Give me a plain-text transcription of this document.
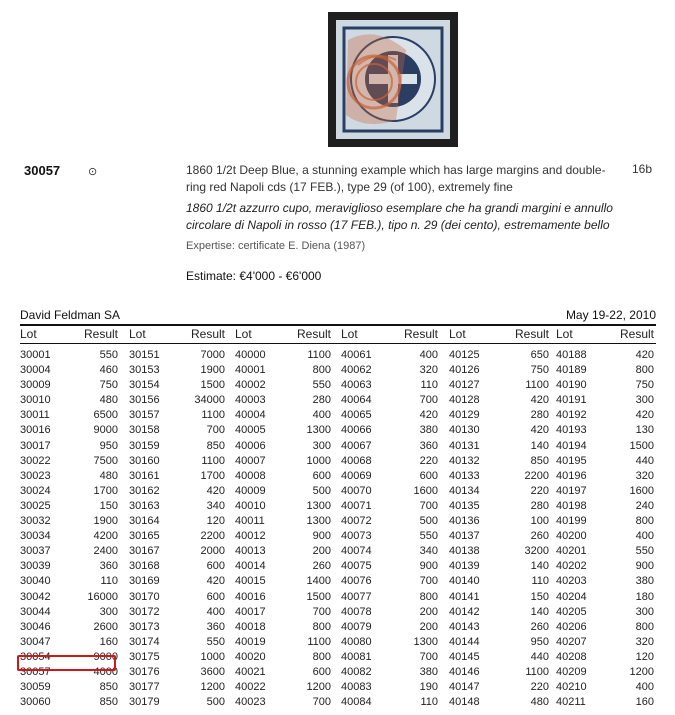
30057	⊙	1860 1/2t Deep Blue, a stunning example which has large margins and double-ring red Napoli cds (17 FEB.), type 29 (of 100), extremely fine
16b
1860 1/2t azzurro cupo, meraviglioso esemplare che ha grandi margini e annullo circolare di Napoli in rosso (17 FEB.), tipo n. 29 (dei cento), estremamente bello
Expertise: certificate E. Diena (1987)
Estimate: €4'000 - €6'000
David Feldman SA	May 19-22, 2010
Lot	Result Lot	Result Lot	Result Lot	Result Lot	Result Lot	Result
30001	550 30151	7000 40000	1100 40061	400 40125	650 40188	420
30004	460 30153	1900 40001	800 40062	320 40126	750 40189	800
30009	750 30154	1500 40002	550 40063	110 40127	1100 40190	750
30010	480 30156	34000 40003	280 40064	700 40128	420 40191	300
30011	6500 30157	1100 40004	400 40065	420 40129	280 40192	420
30016	9000 30158	700 40005	1300 40066	380 40130	420 40193	130
30017	950 30159	850 40006	300 40067	360 40131	140 40194	1500
30022	7500 30160	1100 40007	1000 40068	220 40132	850 40195	440
30023	480 30161	1700 40008	600 40069	600 40133	2200 40196	320
30024	1700 30162	420 40009	500 40070	1600 40134	220 40197	1600
30025	150 30163	340 40010	1300 40071	700 40135	280 40198	240
30032	1900 30164	120 40011	1300 40072	500 40136	100 40199	800
30034	4200 30165	2200 40012	900 40073	550 40137	260 40200	400
30037	2400 30167	2000 40013	200 40074	340 40138	3200 40201	550
30039	360 30168	600 40014	260 40075	900 40139	140 40202	900
30040	110 30169	420 40015	1400 40076	700 40140	110 40203	380
30042	16000 30170	600 40016	1500 40077	800 40141	150 40204	180
30044	300 30172	400 40017	700 40078	200 40142	140 40205	300
30046	2600 30173	360 40018	800 40079	200 40143	260 40206	800
30047	160 30174	550 40019	1100 40080	1300 40144	950 40207	320
30054	9000 30175	1000 40020	800 40081	700 40145	440 40208	120
30057	4000 30176	3600 40021	600 40082	380 40146	1100 40209	1200
30059	850 30177	1200 40022	1200 40083	190 40147	220 40210	400
30060	850 30179	500 40023	700 40084	110 40148	480 40211	160
